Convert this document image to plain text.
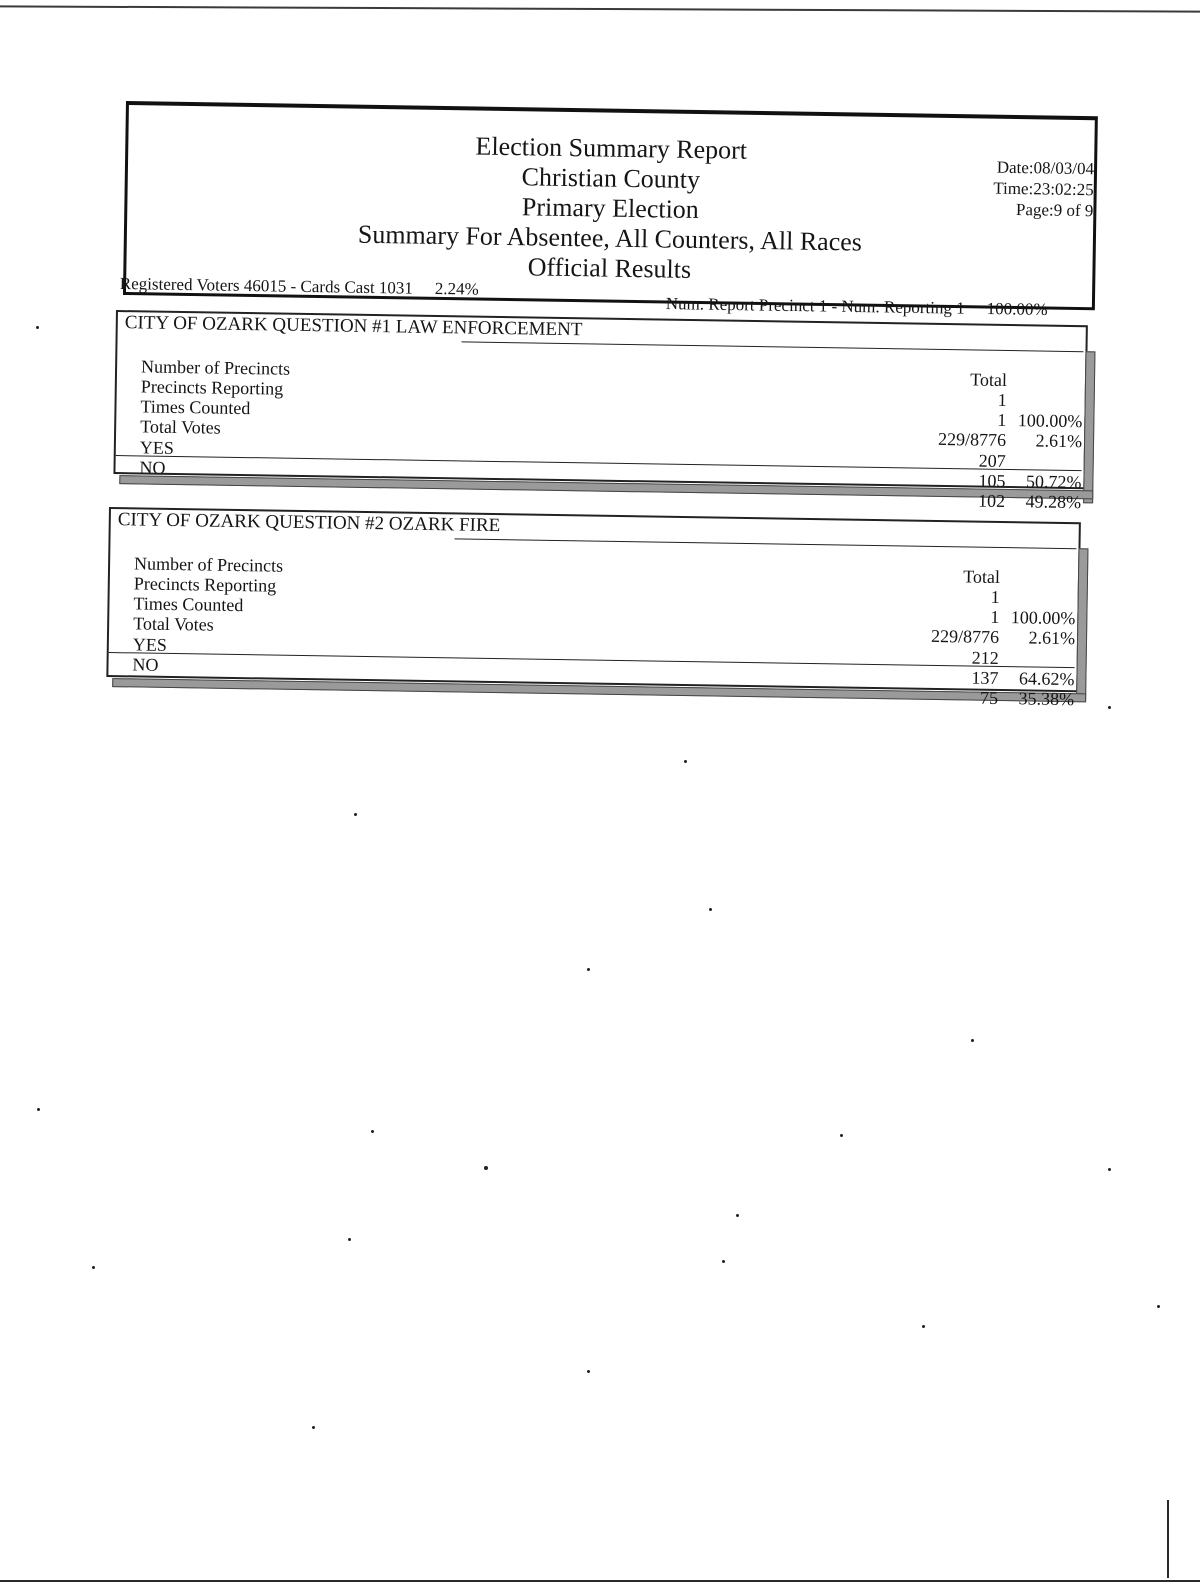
Election Summary Report
Christian County
Primary Election
Summary For Absentee, All Counters, All Races
Official Results
Date:08/03/04
Time:23:02:25
Page:9 of 9
Registered Voters 46015 - Cards Cast 1031 2.24%
Num. Report Precinct 1 - Num. Reporting 1 100.00%
CITY OF OZARK QUESTION #1 LAW ENFORCEMENT
Number of Precincts
Precincts Reporting
Times Counted
Total Votes
YES
NO
Total
1
1 100.00%
229/8776 2.61%
207
105 50.72%
102 49.28%
CITY OF OZARK QUESTION #2 OZARK FIRE
Number of Precincts
Precincts Reporting
Times Counted
Total Votes
YES
NO
Total
1
1 100.00%
229/8776 2.61%
212
137 64.62%
75 35.38%
